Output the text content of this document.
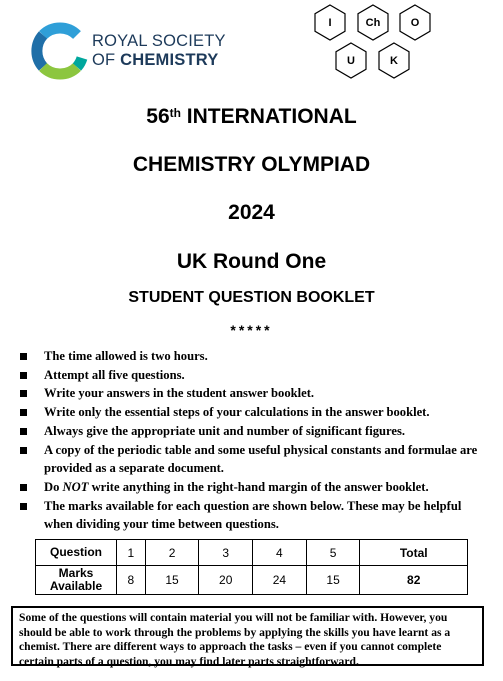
ROYAL SOCIETY
OF CHEMISTRY
I	Ch	O
U	K
56th INTERNATIONAL
CHEMISTRY OLYMPIAD
2024
UK Round One
STUDENT QUESTION BOOKLET
*****
The time allowed is two hours.
Attempt all five questions.
Write your answers in the student answer booklet.
Write only the essential steps of your calculations in the answer booklet.
Always give the appropriate unit and number of significant figures.
A copy of the periodic table and some useful physical constants and formulae are provided as a separate document.
Do NOT write anything in the right-hand margin of the answer booklet.
The marks available for each question are shown below. These may be helpful when dividing your time between questions.
Question	1	2	3	4	5	Total
Marks
Available	8	15	20	24	15	82
Some of the questions will contain material you will not be familiar with. However, you should be able to work through the problems by applying the skills you have learnt as a chemist. There are different ways to approach the tasks – even if you cannot complete certain parts of a question, you may find later parts straightforward.
